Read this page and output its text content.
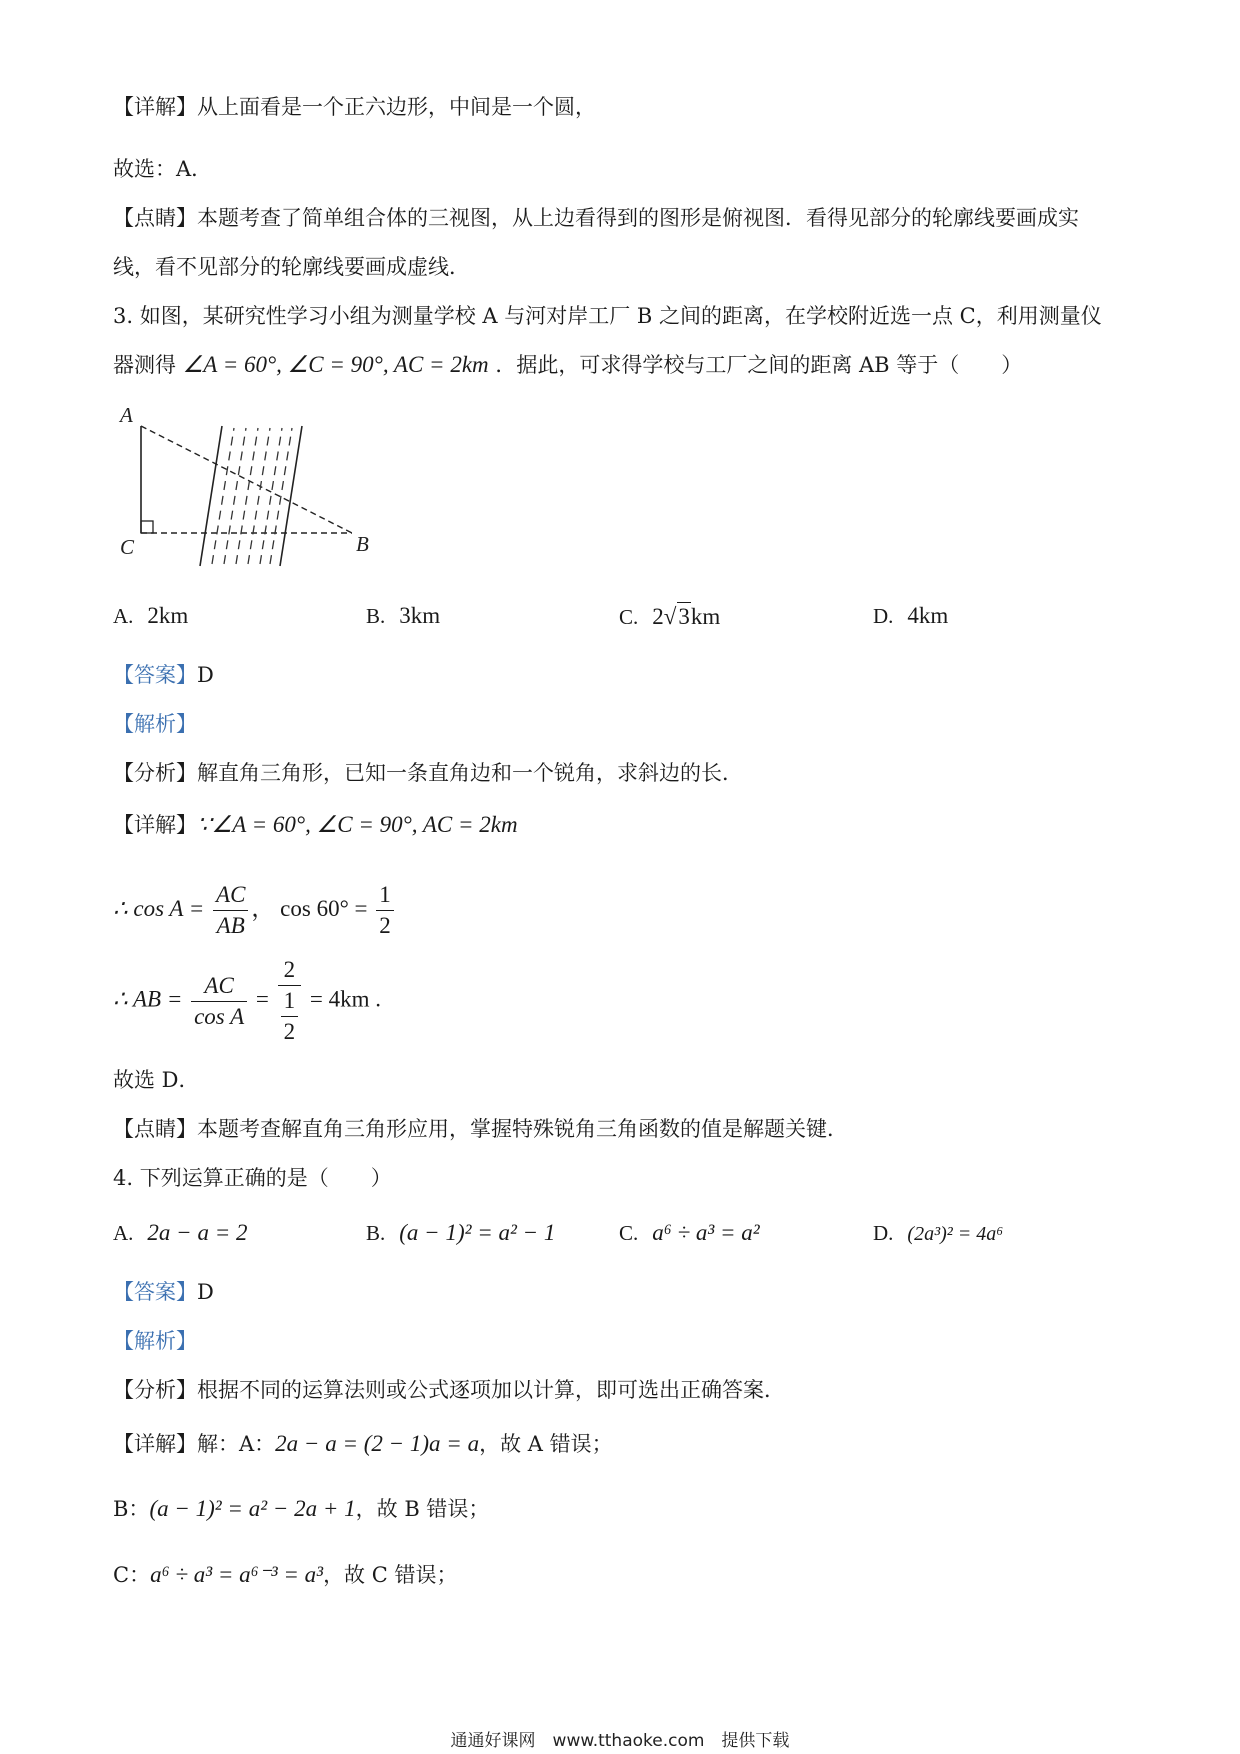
【详解】从上面看是一个正六边形，中间是一个圆，
故选：A．
【点睛】本题考查了简单组合体的三视图，从上边看得到的图形是俯视图．看得见部分的轮廓线要画成实
线，看不见部分的轮廓线要画成虚线．
3. 如图，某研究性学习小组为测量学校 A 与河对岸工厂 B 之间的距离，在学校附近选一点 C，利用测量仪
器测得 ∠A = 60°, ∠C = 90°, AC = 2km ．据此，可求得学校与工厂之间的距离 AB 等于（　　）
A
C	B
A. 2km	B. 3km	C. 2√3km	D. 4km
【答案】D
【解析】
【分析】解直角三角形，已知一条直角边和一个锐角，求斜边的长．
【详解】∵∠A = 60°, ∠C = 90°, AC = 2km
∴ $\cos A = \frac{AC}{AB}$ ， $\cos 60^\circ = \frac{1}{2}$
∴ AB = $\frac{AC}{\text{cos A}} = \frac{2}{\frac{1}{2}} = 4km$ .
故选 D．
【点睛】本题考查解直角三角形应用，掌握特殊锐角三角函数的值是解题关键．
4. 下列运算正确的是（　　）
A. 2a − a = 2	B. (a − 1)² = a² − 1	C. a⁶ ÷ a³ = a²	D. (2a³)² = 4a⁶
【答案】D
【解析】
【分析】根据不同的运算法则或公式逐项加以计算，即可选出正确答案．
【详解】解：A：2a − a = (2 − 1)a = a，故 A 错误；
B：(a − 1)² = a² − 2a + 1，故 B 错误；
C：a⁶ ÷ a³ = a⁶⁻³ = a³，故 C 错误；
通通好课网　www.tthaoke.com　提供下载
